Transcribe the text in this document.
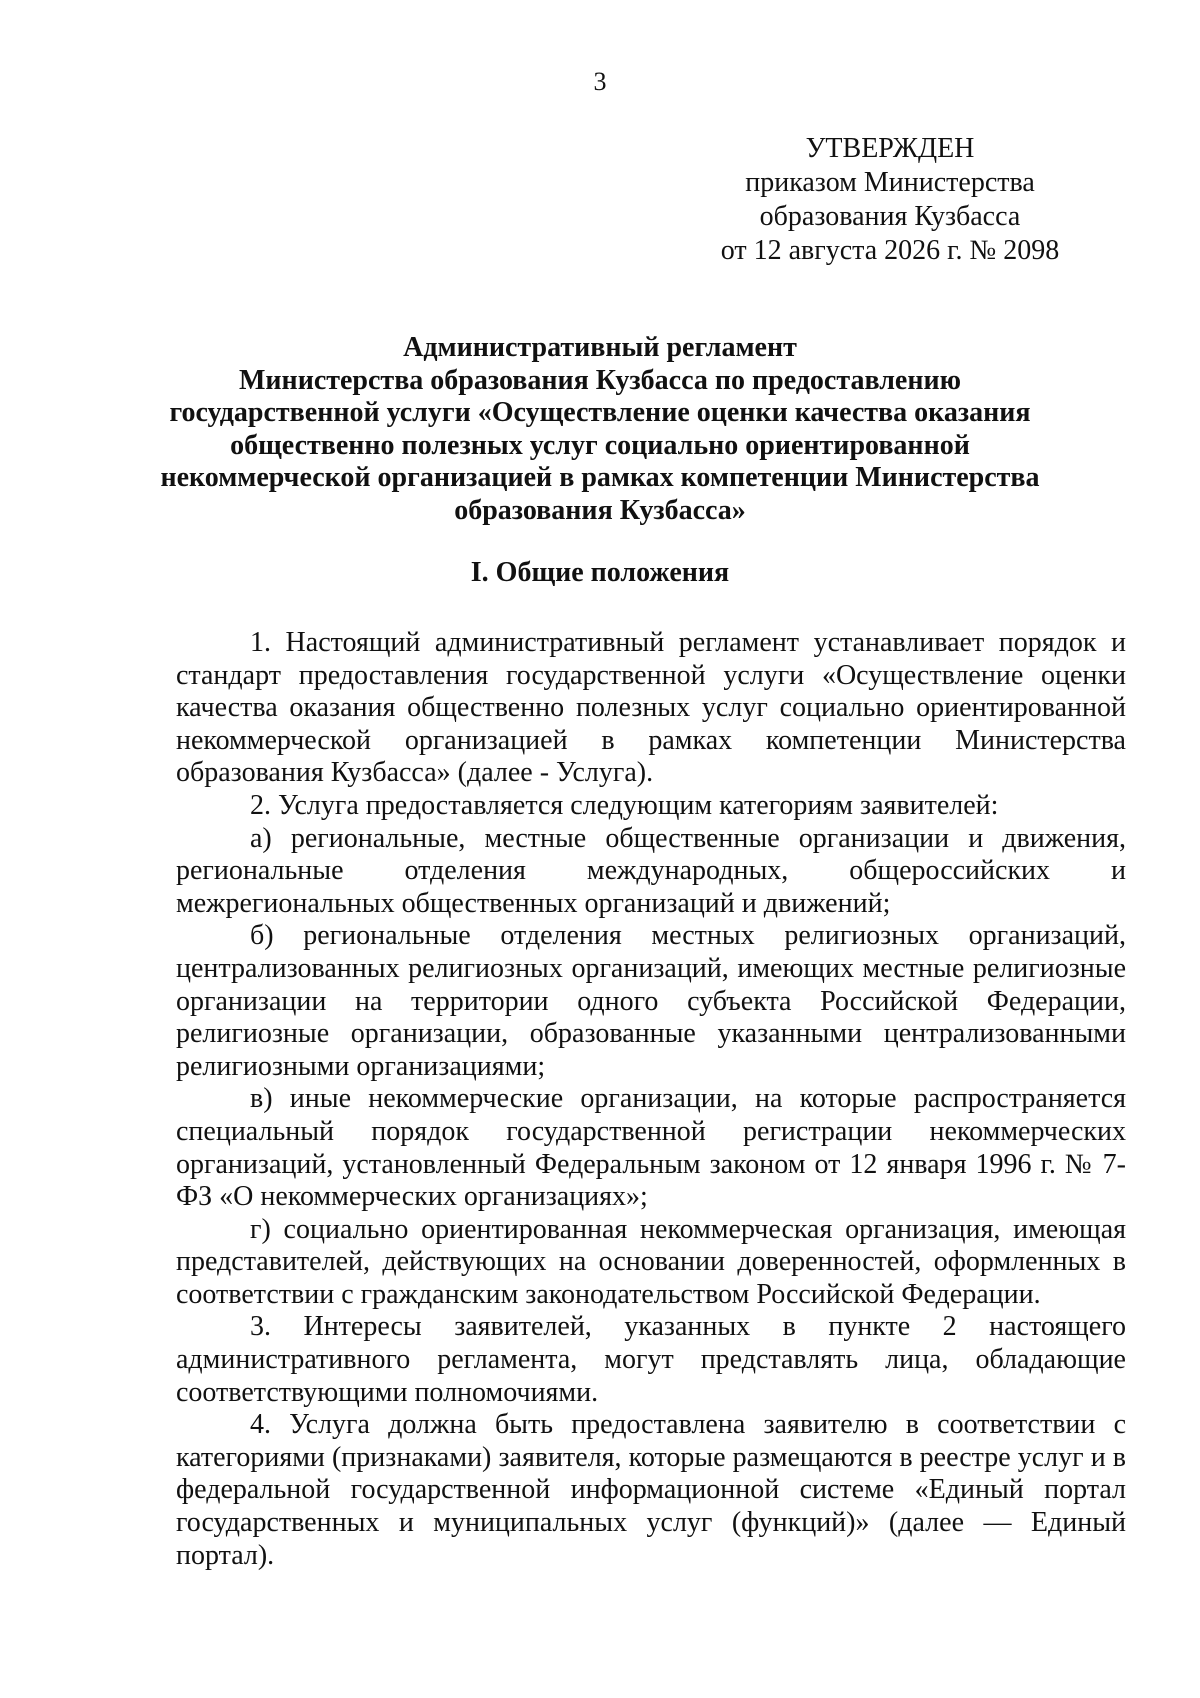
3
УТВЕРЖДЕН
приказом Министерства
образования Кузбасса
от 12 августа 2026 г. № 2098
Административный регламент
Министерства образования Кузбасса по предоставлению
государственной услуги «Осуществление оценки качества оказания
общественно полезных услуг социально ориентированной
некоммерческой организацией в рамках компетенции Министерства
образования Кузбасса»
I. Общие положения

1. Настоящий административный регламент устанавливает порядок и стандарт предоставления государственной услуги «Осуществление оценки качества оказания общественно полезных услуг социально ориентированной некоммерческой организацией в рамках компетенции Министерства образования Кузбасса» (далее - Услуга).

2. Услуга предоставляется следующим категориям заявителей:

а) региональные, местные общественные организации и движения, региональные отделения международных, общероссийских и межрегиональных общественных организаций и движений;

б) региональные отделения местных религиозных организаций, централизованных религиозных организаций, имеющих местные религиозные организации на территории одного субъекта Российской Федерации, религиозные организации, образованные указанными централизованными религиозными организациями;

в) иные некоммерческие организации, на которые распространяется специальный порядок государственной регистрации некоммерческих организаций, установленный Федеральным законом от 12 января 1996 г. № 7-ФЗ «О некоммерческих организациях»;

г) социально ориентированная некоммерческая организация, имеющая представителей, действующих на основании доверенностей, оформленных в соответствии с гражданским законодательством Российской Федерации.

3. Интересы заявителей, указанных в пункте 2 настоящего административного регламента, могут представлять лица, обладающие соответствующими полномочиями.

4. Услуга должна быть предоставлена заявителю в соответствии с категориями (признаками) заявителя, которые размещаются в реестре услуг и в федеральной государственной информационной системе «Единый портал государственных и муниципальных услуг (функций)» (далее — Единый портал).
